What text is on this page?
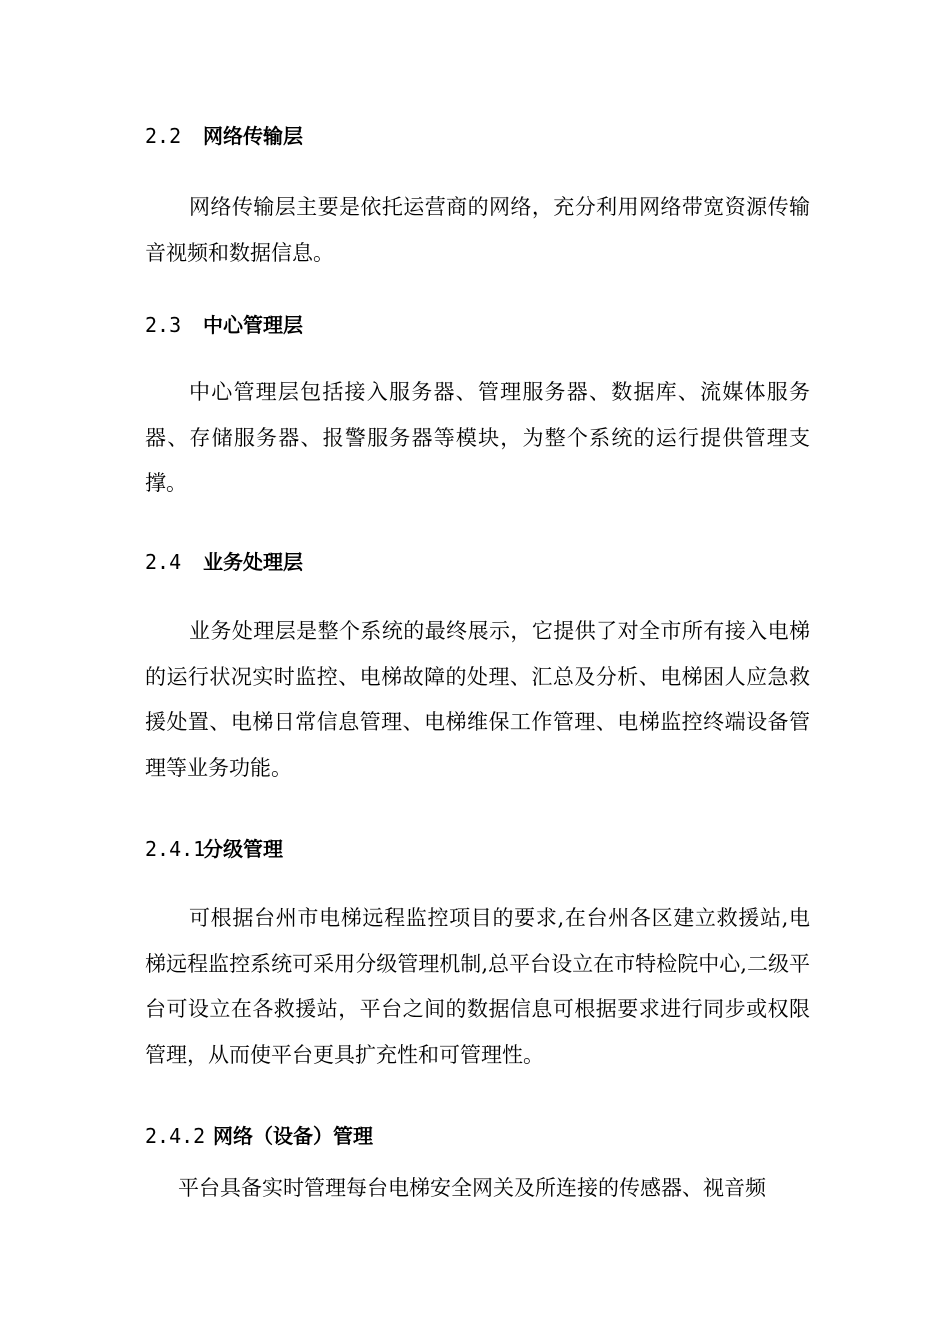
2.2 网络传输层

网络传输层主要是依托运营商的网络，充分利用网络带宽资源传输音视频和数据信息。

2.3 中心管理层

中心管理层包括接入服务器、管理服务器、数据库、流媒体服务器、存储服务器、报警服务器等模块，为整个系统的运行提供管理支撑。

2.4 业务处理层

业务处理层是整个系统的最终展示，它提供了对全市所有接入电梯的运行状况实时监控、电梯故障的处理、汇总及分析、电梯困人应急救援处置、电梯日常信息管理、电梯维保工作管理、电梯监控终端设备管理等业务功能。

2.4.1分级管理

可根据台州市电梯远程监控项目的要求,在台州各区建立救援站,电梯远程监控系统可采用分级管理机制,总平台设立在市特检院中心,二级平台可设立在各救援站，平台之间的数据信息可根据要求进行同步或权限管理，从而使平台更具扩充性和可管理性。

2.4.2 网络（设备）管理

平台具备实时管理每台电梯安全网关及所连接的传感器、视音频
